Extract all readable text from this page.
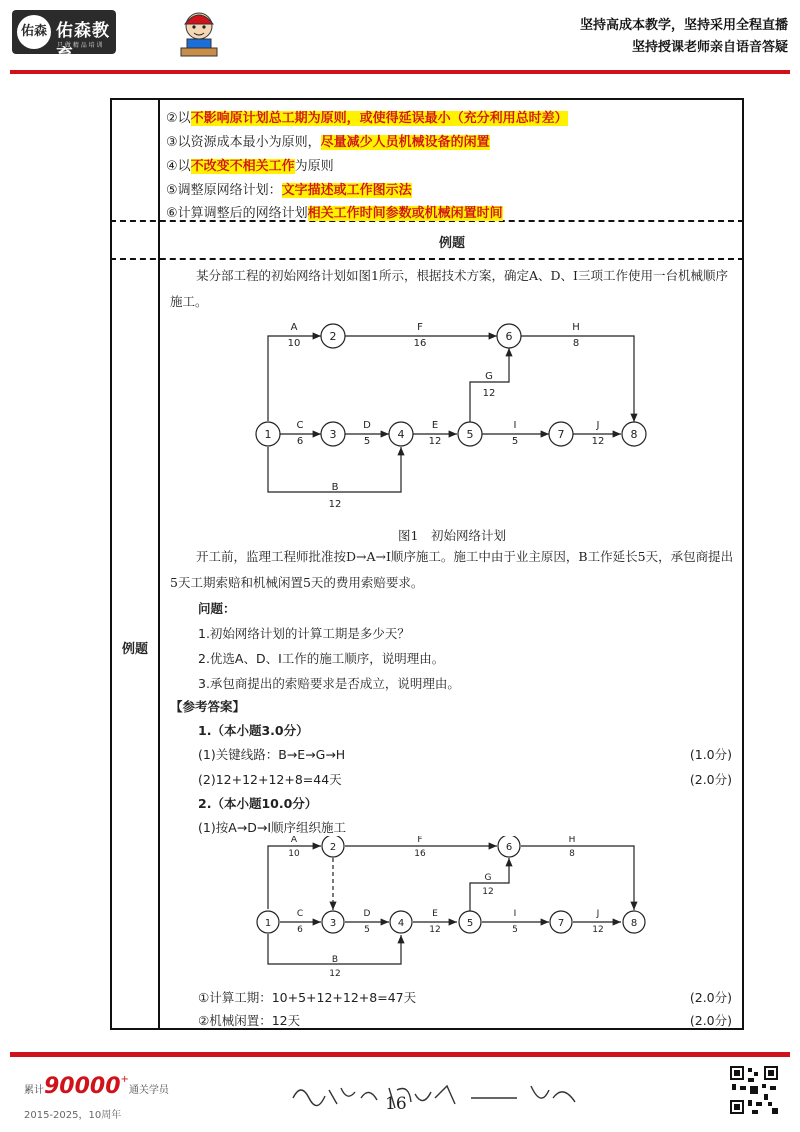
佑森 佑森教育
只 做 精 品 培 训
坚持高成本教学，坚持采用全程直播
坚持授课老师亲自语音答疑
②以不影响原计划总工期为原则，或使得延误最小（充分利用总时差）
③以资源成本最小为原则，尽量减少人员机械设备的闲置
④以不改变不相关工作为原则
⑤调整原网络计划：文字描述或工作图示法
⑥计算调整后的网络计划相关工作时间参数或机械闲置时间
例题
例题
某分部工程的初始网络计划如图1所示，根据技术方案，确定A、D、I三项工作使用一台机械顺序施工。
1
2
3	4	5
6
7	8
A
10
F
16
H
8
G
12
C
6
D
5
E
12
I
5
J
12
B
12
图1　初始网络计划
开工前，监理工程师批准按D→A→I顺序施工。施工中由于业主原因，B工作延长5天，承包商提出5天工期索赔和机械闲置5天的费用索赔要求。
问题：
1.初始网络计划的计算工期是多少天？
2.优选A、D、I工作的施工顺序，说明理由。
3.承包商提出的索赔要求是否成立，说明理由。
【参考答案】
1.（本小题3.0分）
(1)关键线路：B→E→G→H	(1.0分)
(2)12+12+12+8=44天	(2.0分)
2.（本小题10.0分）
(1)按A→D→I顺序组织施工
1
2
3	4	5
6
7	8
A
10
F
16
H
8
G
12
C
6
D
5
E
12
I
5
J
12
B
12
①计算工期：10+5+12+12+8=47天	(2.0分)
②机械闲置：12天	(2.0分)
累计90000+通关学员
2015-2025，10周年
16
